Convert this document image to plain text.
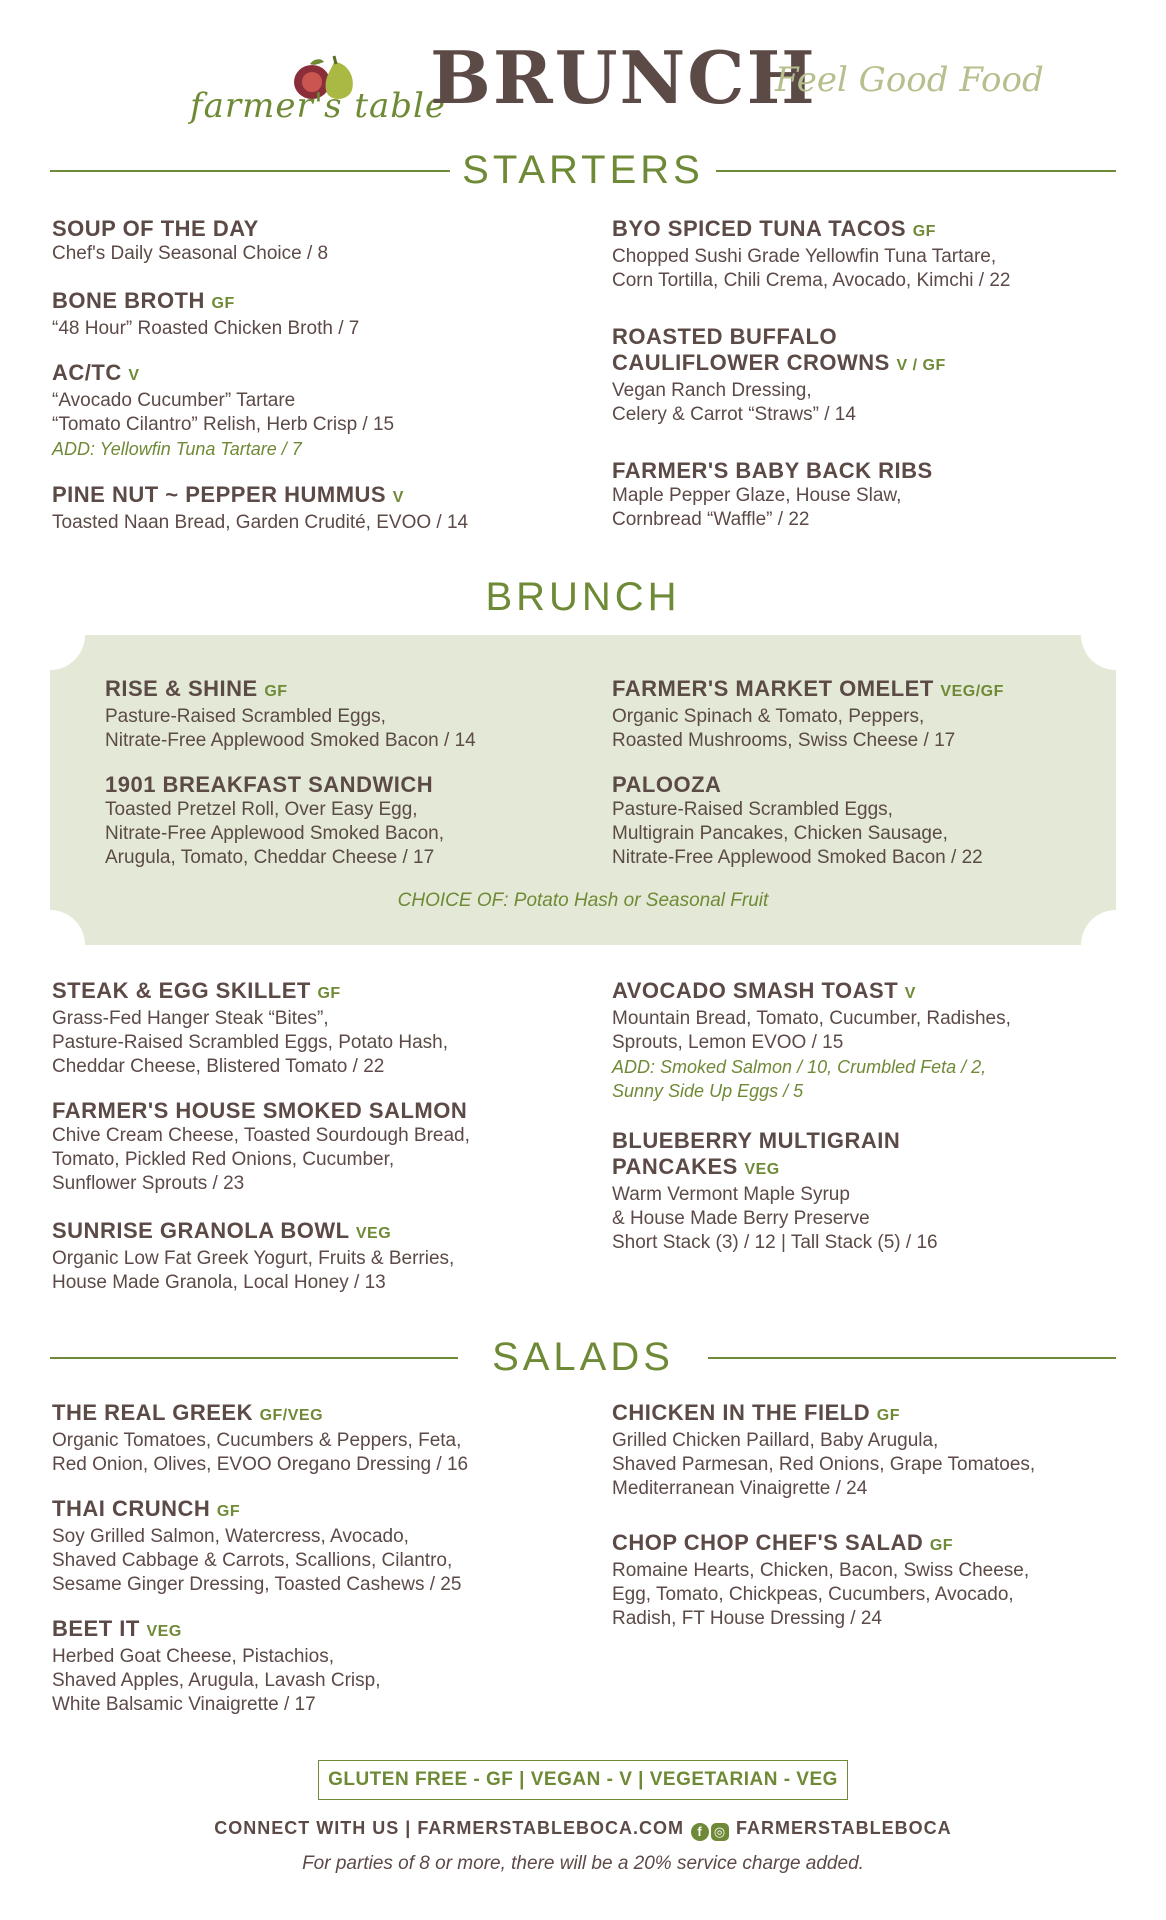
farmer's table
BRUNCH
Feel Good Food
STARTERS
SOUP OF THE DAY
Chef's Daily Seasonal Choice / 8
BONE BROTH GF
“48 Hour” Roasted Chicken Broth / 7
AC/TC V
“Avocado Cucumber” Tartare
“Tomato Cilantro” Relish, Herb Crisp / 15
ADD: Yellowfin Tuna Tartare / 7
PINE NUT ~ PEPPER HUMMUS V
Toasted Naan Bread, Garden Crudité, EVOO / 14
BYO SPICED TUNA TACOS GF
Chopped Sushi Grade Yellowfin Tuna Tartare,
Corn Tortilla, Chili Crema, Avocado, Kimchi / 22
ROASTED BUFFALO
CAULIFLOWER CROWNS V / GF
Vegan Ranch Dressing,
Celery & Carrot “Straws” / 14
FARMER'S BABY BACK RIBS
Maple Pepper Glaze, House Slaw,
Cornbread “Waffle” / 22
BRUNCH
RISE & SHINE GF
Pasture-Raised Scrambled Eggs,
Nitrate-Free Applewood Smoked Bacon / 14
1901 BREAKFAST SANDWICH
Toasted Pretzel Roll, Over Easy Egg,
Nitrate-Free Applewood Smoked Bacon,
Arugula, Tomato, Cheddar Cheese / 17
FARMER'S MARKET OMELET VEG/GF
Organic Spinach & Tomato, Peppers,
Roasted Mushrooms, Swiss Cheese / 17
PALOOZA
Pasture-Raised Scrambled Eggs,
Multigrain Pancakes, Chicken Sausage,
Nitrate-Free Applewood Smoked Bacon / 22
CHOICE OF: Potato Hash or Seasonal Fruit
STEAK & EGG SKILLET GF
Grass-Fed Hanger Steak “Bites”,
Pasture-Raised Scrambled Eggs, Potato Hash,
Cheddar Cheese, Blistered Tomato / 22
FARMER'S HOUSE SMOKED SALMON
Chive Cream Cheese, Toasted Sourdough Bread,
Tomato, Pickled Red Onions, Cucumber,
Sunflower Sprouts / 23
SUNRISE GRANOLA BOWL VEG
Organic Low Fat Greek Yogurt, Fruits & Berries,
House Made Granola, Local Honey / 13
AVOCADO SMASH TOAST V
Mountain Bread, Tomato, Cucumber, Radishes,
Sprouts, Lemon EVOO / 15
ADD: Smoked Salmon / 10, Crumbled Feta / 2,
Sunny Side Up Eggs / 5
BLUEBERRY MULTIGRAIN
PANCAKES VEG
Warm Vermont Maple Syrup
& House Made Berry Preserve
Short Stack (3) / 12 | Tall Stack (5) / 16
SALADS
THE REAL GREEK GF/VEG
Organic Tomatoes, Cucumbers & Peppers, Feta,
Red Onion, Olives, EVOO Oregano Dressing / 16
THAI CRUNCH GF
Soy Grilled Salmon, Watercress, Avocado,
Shaved Cabbage & Carrots, Scallions, Cilantro,
Sesame Ginger Dressing, Toasted Cashews / 25
BEET IT VEG
Herbed Goat Cheese, Pistachios,
Shaved Apples, Arugula, Lavash Crisp,
White Balsamic Vinaigrette / 17
CHICKEN IN THE FIELD GF
Grilled Chicken Paillard, Baby Arugula,
Shaved Parmesan, Red Onions, Grape Tomatoes,
Mediterranean Vinaigrette / 24
CHOP CHOP CHEF'S SALAD GF
Romaine Hearts, Chicken, Bacon, Swiss Cheese,
Egg, Tomato, Chickpeas, Cucumbers, Avocado,
Radish, FT House Dressing / 24
GLUTEN FREE - GF | VEGAN - V | VEGETARIAN - VEG
CONNECT WITH US | FARMERSTABLEBOCA.COM f ◎ FARMERSTABLEBOCA
For parties of 8 or more, there will be a 20% service charge added.
